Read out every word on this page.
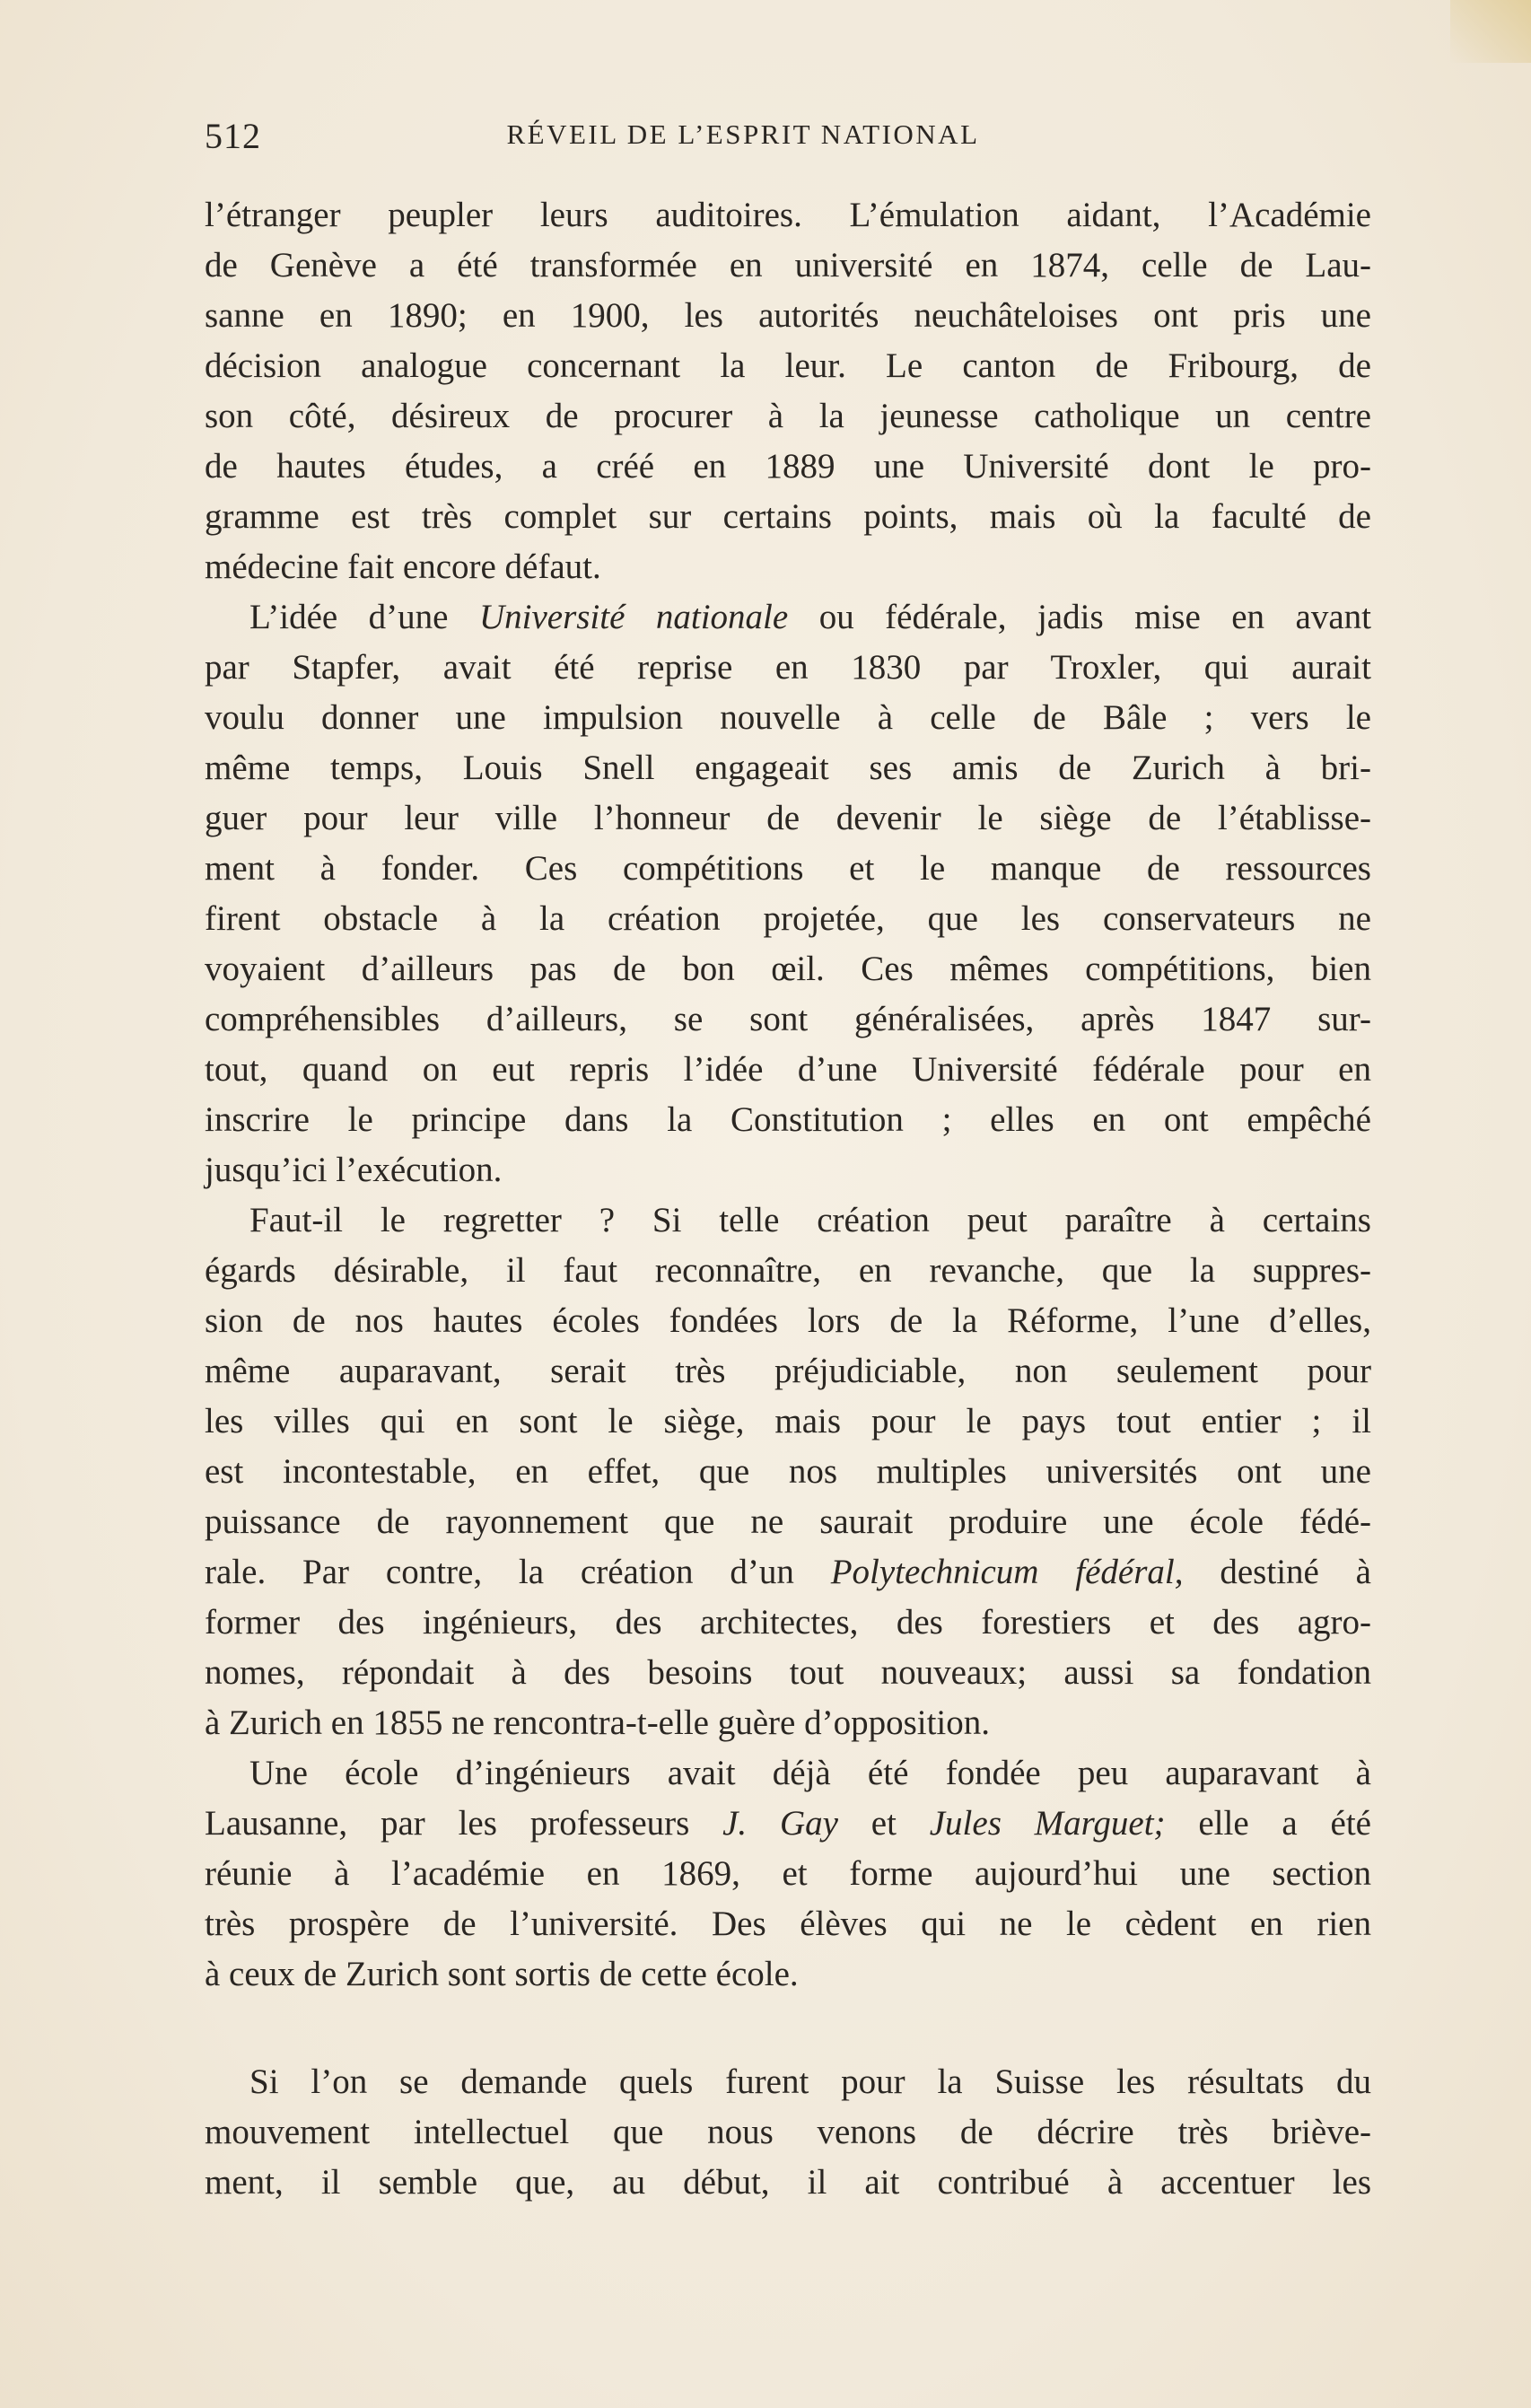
512	RÉVEIL DE L’ESPRIT NATIONAL
l’étranger peupler leurs auditoires. L’émulation aidant, l’Académie
de Genève a été transformée en université en 1874, celle de Lau-
sanne en 1890; en 1900, les autorités neuchâteloises ont pris une
décision analogue concernant la leur. Le canton de Fribourg, de
son côté, désireux de procurer à la jeunesse catholique un centre
de hautes études, a créé en 1889 une Université dont le pro-
gramme est très complet sur certains points, mais où la faculté de
médecine fait encore défaut.
L’idée d’une Université nationale ou fédérale, jadis mise en avant
par Stapfer, avait été reprise en 1830 par Troxler, qui aurait
voulu donner une impulsion nouvelle à celle de Bâle ; vers le
même temps, Louis Snell engageait ses amis de Zurich à bri-
guer pour leur ville l’honneur de devenir le siège de l’établisse-
ment à fonder. Ces compétitions et le manque de ressources
firent obstacle à la création projetée, que les conservateurs ne
voyaient d’ailleurs pas de bon œil. Ces mêmes compétitions, bien
compréhensibles d’ailleurs, se sont généralisées, après 1847 sur-
tout, quand on eut repris l’idée d’une Université fédérale pour en
inscrire le principe dans la Constitution ; elles en ont empêché
jusqu’ici l’exécution.
Faut-il le regretter ? Si telle création peut paraître à certains
égards désirable, il faut reconnaître, en revanche, que la suppres-
sion de nos hautes écoles fondées lors de la Réforme, l’une d’elles,
même auparavant, serait très préjudiciable, non seulement pour
les villes qui en sont le siège, mais pour le pays tout entier ; il
est incontestable, en effet, que nos multiples universités ont une
puissance de rayonnement que ne saurait produire une école fédé-
rale. Par contre, la création d’un Polytechnicum fédéral, destiné à
former des ingénieurs, des architectes, des forestiers et des agro-
nomes, répondait à des besoins tout nouveaux; aussi sa fondation
à Zurich en 1855 ne rencontra-t-elle guère d’opposition.
Une école d’ingénieurs avait déjà été fondée peu auparavant à
Lausanne, par les professeurs J. Gay et Jules Marguet; elle a été
réunie à l’académie en 1869, et forme aujourd’hui une section
très prospère de l’université. Des élèves qui ne le cèdent en rien
à ceux de Zurich sont sortis de cette école.
Si l’on se demande quels furent pour la Suisse les résultats du
mouvement intellectuel que nous venons de décrire très briève-
ment, il semble que, au début, il ait contribué à accentuer les
